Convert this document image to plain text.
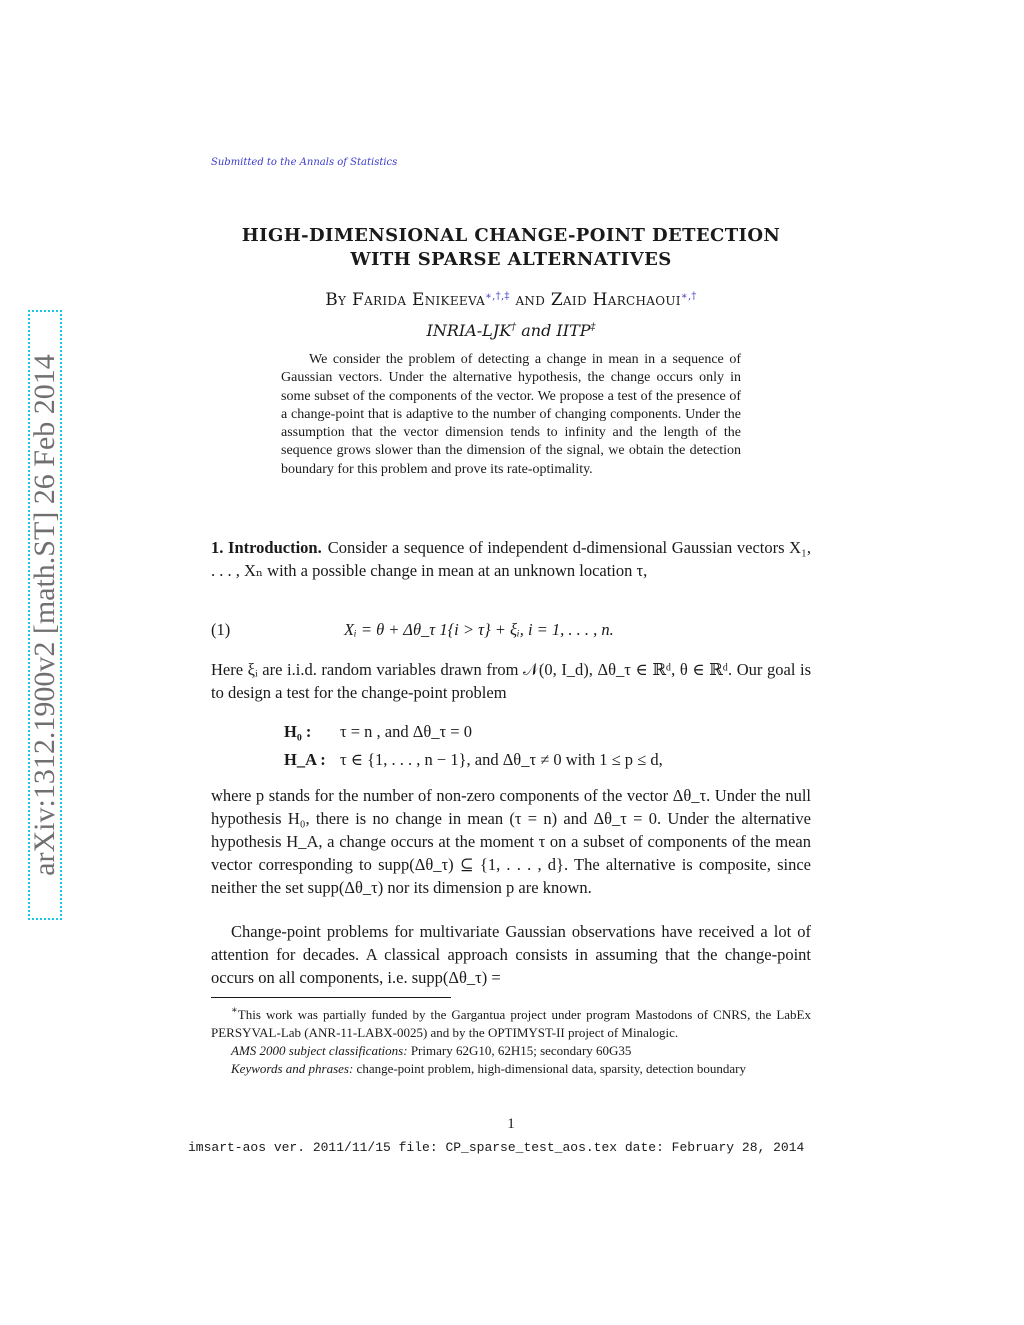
arXiv:1312.1900v2 [math.ST] 26 Feb 2014
Submitted to the Annals of Statistics
HIGH-DIMENSIONAL CHANGE-POINT DETECTION
WITH SPARSE ALTERNATIVES
By Farida Enikeeva∗,†,‡ and Zaid Harchaoui∗,†
INRIA-LJK† and IITP‡
We consider the problem of detecting a change in mean in a sequence of Gaussian vectors. Under the alternative hypothesis, the change occurs only in some subset of the components of the vector. We propose a test of the presence of a change-point that is adaptive to the number of changing components. Under the assumption that the vector dimension tends to infinity and the length of the sequence grows slower than the dimension of the signal, we obtain the detection boundary for this problem and prove its rate-optimality.
1. Introduction. Consider a sequence of independent d-dimensional Gaussian vectors X₁, . . . , Xₙ with a possible change in mean at an unknown location τ,
(1)	Xᵢ = θ + Δθ_τ 1{i > τ} + ξᵢ, i = 1, . . . , n.
Here ξᵢ are i.i.d. random variables drawn from 𝒩(0, I_d), Δθ_τ ∈ ℝᵈ, θ ∈ ℝᵈ. Our goal is to design a test for the change-point problem
H₀ : τ = n , and Δθ_τ = 0
H_A : τ ∈ {1, . . . , n − 1}, and Δθ_τ ≠ 0 with 1 ≤ p ≤ d,
where p stands for the number of non-zero components of the vector Δθ_τ. Under the null hypothesis H₀, there is no change in mean (τ = n) and Δθ_τ = 0. Under the alternative hypothesis H_A, a change occurs at the moment τ on a subset of components of the mean vector corresponding to supp(Δθ_τ) ⊆ {1, . . . , d}. The alternative is composite, since neither the set supp(Δθ_τ) nor its dimension p are known.
Change-point problems for multivariate Gaussian observations have received a lot of attention for decades. A classical approach consists in assuming that the change-point occurs on all components, i.e. supp(Δθ_τ) =
∗This work was partially funded by the Gargantua project under program Mastodons of CNRS, the LabEx PERSYVAL-Lab (ANR-11-LABX-0025) and by the OPTIMYST-II project of Minalogic.
AMS 2000 subject classifications: Primary 62G10, 62H15; secondary 60G35
Keywords and phrases: change-point problem, high-dimensional data, sparsity, detection boundary
1
imsart-aos ver. 2011/11/15 file: CP_sparse_test_aos.tex date: February 28, 2014
